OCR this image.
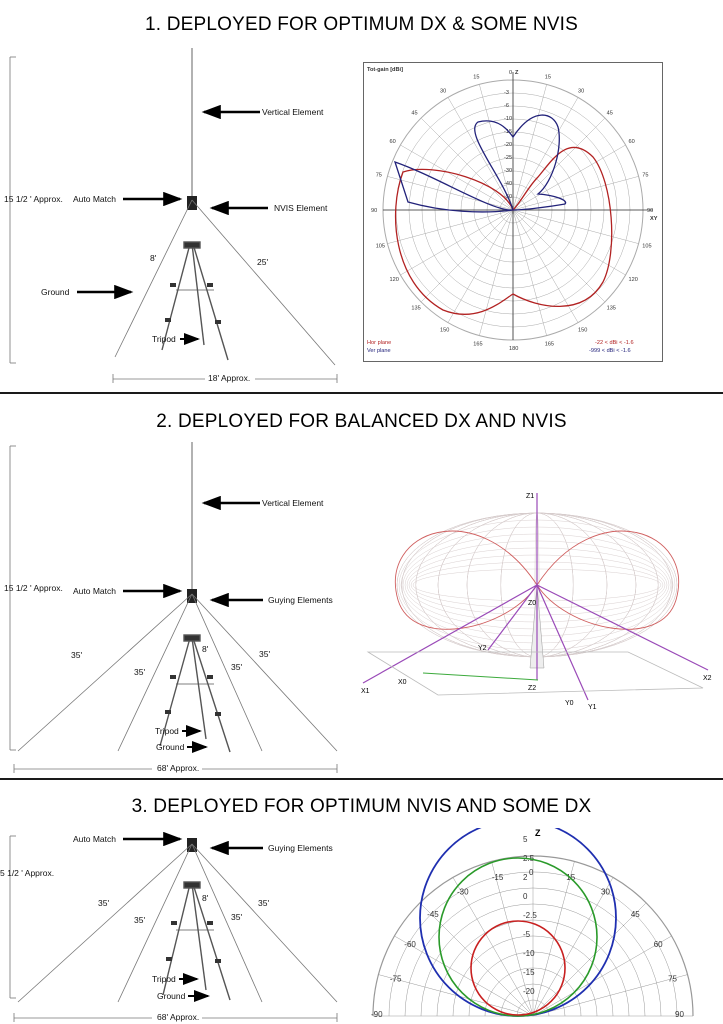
1. DEPLOYED FOR OPTIMUM DX & SOME NVIS
15 1/2 ' Approx.
Vertical Element
Auto Match
NVIS Element
Ground
Tripod
8'	25'
18' Approx.
Tot-gain [dBi]	0
15
30
45
60
75
90
105
120
135
150
165
180
165
150
135
120
105
90
75
60
45
30
15
-3
-6
-10
-15
-20
-25
-30
-40
-50
Z
XY
Hor plane
Ver plane
-22 < dBi < -1.6
-999 < dBi < -1.6
2. DEPLOYED FOR BALANCED DX AND NVIS
15 1/2 ' Approx.
Vertical Element
Auto Match
Guying Elements
8'
35'
35'	35'
35'
Tripod
Ground
68' Approx.
Z1
Z0
Z2
X1
X0
X2
Y0
Y1
Y2
3. DEPLOYED FOR OPTIMUM NVIS AND SOME DX
5 1/2 ' Approx.
Auto Match
Guying Elements
8'
35'
35'	35'
35'
Tripod
Ground
68' Approx.	-90
-75
-60
-45
-30
-15
0
15
30
45
60
75
90
5
2.5
2
0
-2.5
-5
-10
-15
-20
Z
